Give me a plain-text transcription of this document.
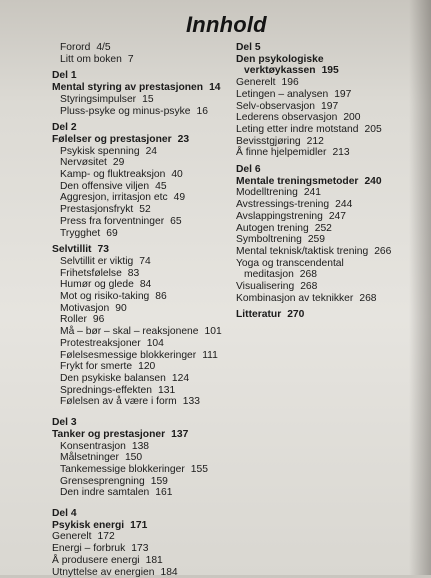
Innhold
Forord 4/5
Litt om boken 7
Del 1
Mental styring av prestasjonen 14
Styringsimpulser 15
Pluss-psyke og minus-psyke 16
Del 2
Følelser og prestasjoner 23
Psykisk spenning 24
Nervøsitet 29
Kamp- og fluktreaksjon 40
Den offensive viljen 45
Aggresjon, irritasjon etc 49
Prestasjonsfrykt 52
Press fra forventninger 65
Trygghet 69
Selvtillit 73
Selvtillit er viktig 74
Frihetsfølelse 83
Humør og glede 84
Mot og risiko-taking 86
Motivasjon 90
Roller 96
Må – bør – skal – reaksjonene 101
Protestreaksjoner 104
Følelsesmessige blokkeringer 111
Frykt for smerte 120
Den psykiske balansen 124
Sprednings-effekten 131
Følelsen av å være i form 133
Del 3
Tanker og prestasjoner 137
Konsentrasjon 138
Målsetninger 150
Tankemessige blokkeringer 155
Grensesprengning 159
Den indre samtalen 161
Del 4
Psykisk energi 171
Generelt 172
Energi – forbruk 173
Å produsere energi 181
Utnyttelse av energien 184
Del 5
Den psykologiske
verktøykassen 195
Generelt 196
Letingen – analysen 197
Selv-observasjon 197
Lederens observasjon 200
Leting etter indre motstand 205
Bevisstgjøring 212
Å finne hjelpemidler 213
Del 6
Mentale treningsmetoder 240
Modelltrening 241
Avstressings-trening 244
Avslappingstrening 247
Autogen trening 252
Symboltrening 259
Mental teknisk/taktisk trening 266
Yoga og transcendental
meditasjon 268
Visualisering 268
Kombinasjon av teknikker 268
Litteratur 270
